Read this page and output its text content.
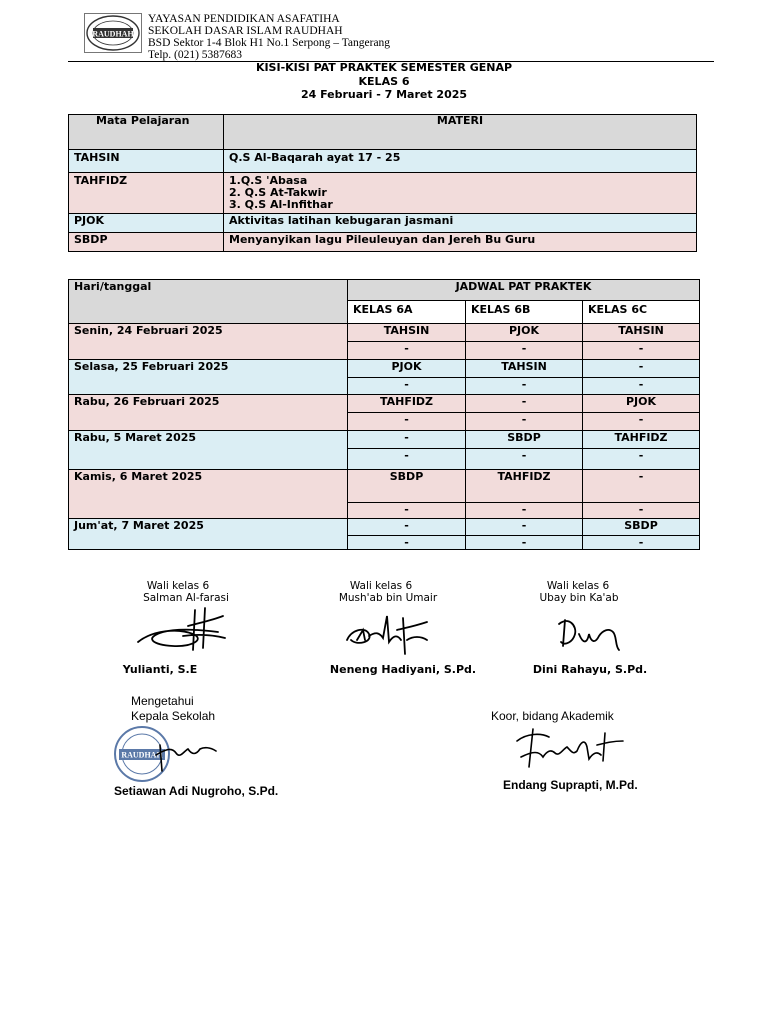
RAUDHAH
YAYASAN PENDIDIKAN ASAFATIHA
SEKOLAH DASAR ISLAM RAUDHAH
BSD Sektor 1-4 Blok H1 No.1 Serpong – Tangerang
Telp. (021) 5387683
KISI-KISI PAT PRAKTEK SEMESTER GENAP
KELAS 6
24 Februari - 7 Maret 2025
Mata Pelajaran	MATERI
TAHSIN	Q.S Al-Baqarah ayat 17 - 25
TAHFIDZ	1.Q.S 'Abasa
2. Q.S At-Takwir
3. Q.S Al-Infithar

PJOK	Aktivitas latihan kebugaran jasmani
SBDP	Menyanyikan lagu Pileuleuyan dan Jereh Bu Guru
Hari/tanggal	JADWAL PAT PRAKTEK		
	KELAS 6A	KELAS 6B	KELAS 6C
Senin, 24 Februari 2025	TAHSIN	PJOK	TAHSIN
	-	-	-
Selasa, 25 Februari 2025	PJOK	TAHSIN	-
	-	-	-
Rabu, 26 Februari 2025	TAHFIDZ	-	PJOK
	-	-	-
Rabu, 5 Maret 2025	-	SBDP	TAHFIDZ
	-	-	-
Kamis, 6 Maret 2025	SBDP	TAHFIDZ	-
	-	-	-
Jum'at, 7 Maret 2025	-	-	SBDP
	-	-	-
Wali kelas 6
Salman Al-farasi
Yulianti, S.E
Wali kelas 6
Mush'ab bin Umair
Neneng Hadiyani, S.Pd.
Wali kelas 6
Ubay bin Ka'ab
Dini Rahayu, S.Pd.
Mengetahui
Kepala Sekolah
RAUDHAH
Setiawan Adi Nugroho, S.Pd.
Koor, bidang Akademik
Endang Suprapti, M.Pd.
